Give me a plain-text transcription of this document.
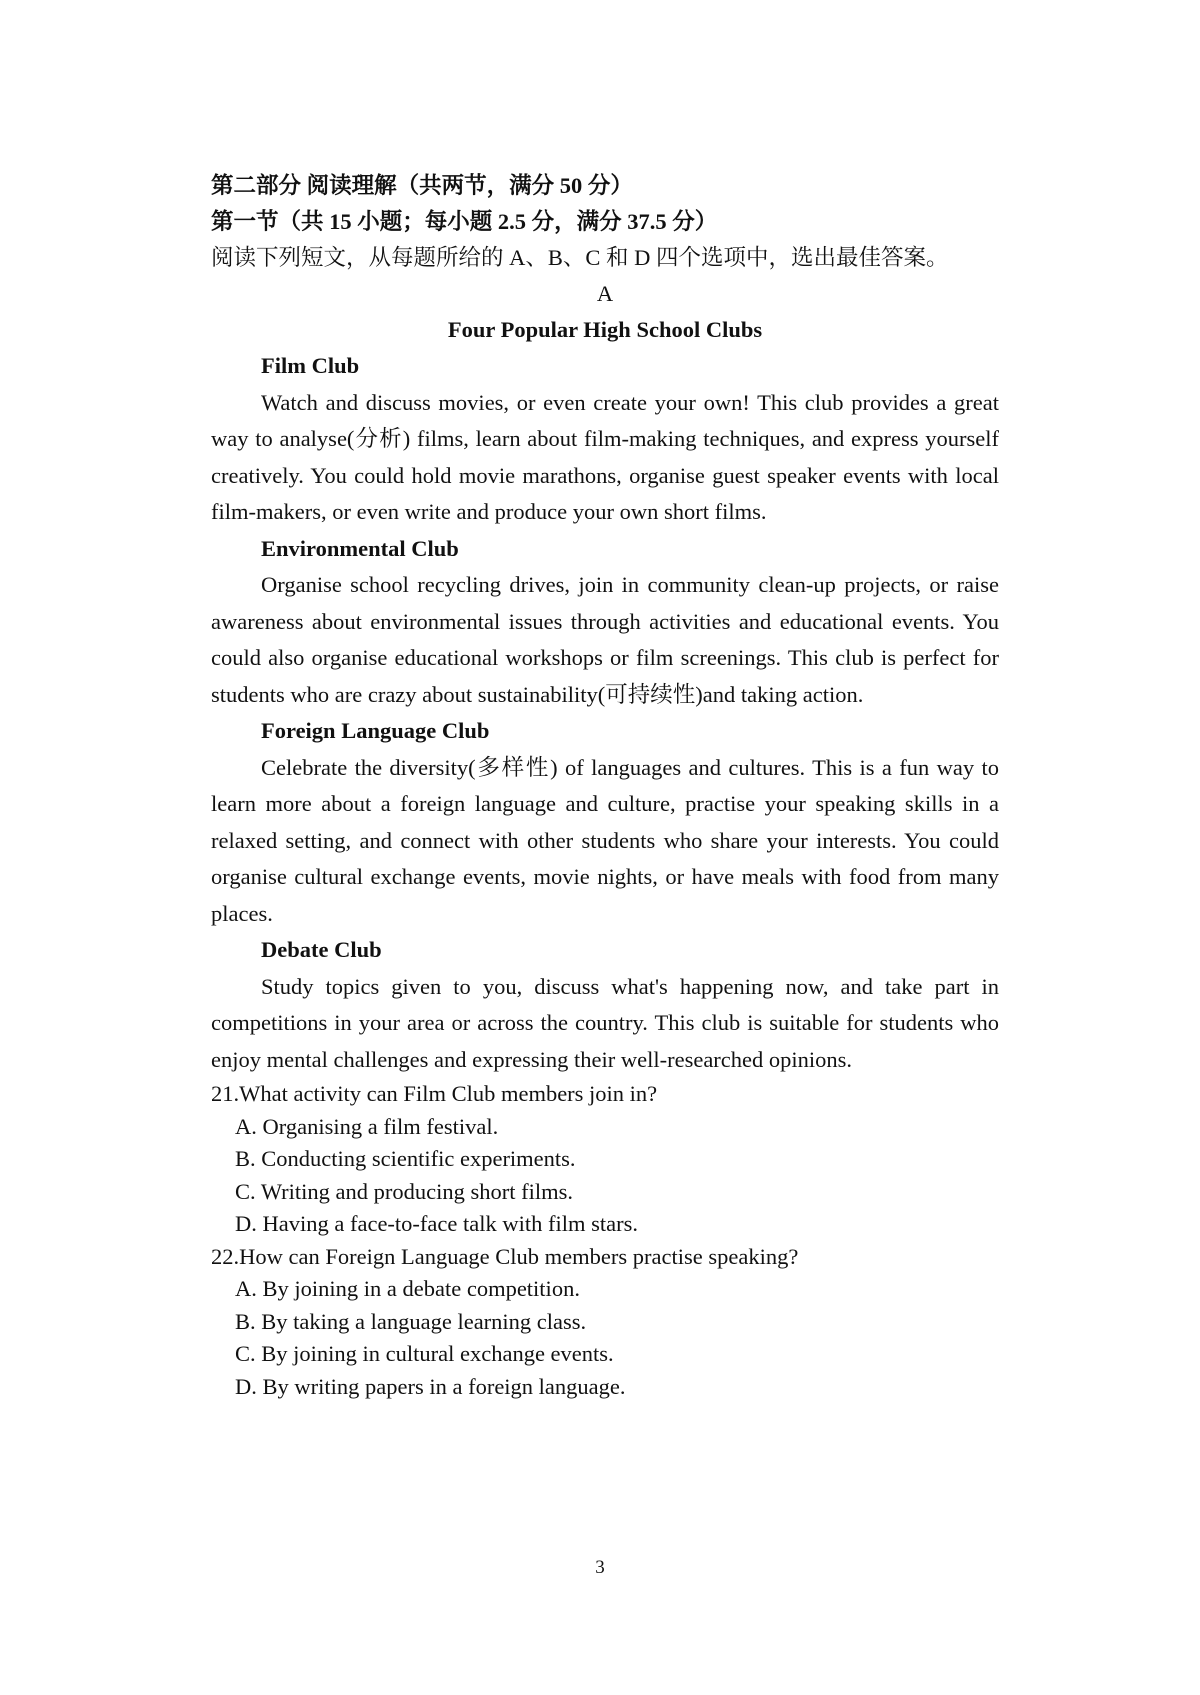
第二部分 阅读理解（共两节，满分 50 分）

第一节（共 15 小题；每小题 2.5 分，满分 37.5 分）

阅读下列短文，从每题所给的 A、B、C 和 D 四个选项中，选出最佳答案。

A

Four Popular High School Clubs

Film Club

Watch and discuss movies, or even create your own! This club provides a great way to analyse(分析) films, learn about film-making techniques, and express yourself creatively. You could hold movie marathons, organise guest speaker events with local film-makers, or even write and produce your own short films.

Environmental Club

Organise school recycling drives, join in community clean-up projects, or raise awareness about environmental issues through activities and educational events. You could also organise educational workshops or film screenings. This club is perfect for students who are crazy about sustainability(可持续性)and taking action.

Foreign Language Club

Celebrate the diversity(多样性) of languages and cultures. This is a fun way to learn more about a foreign language and culture, practise your speaking skills in a relaxed setting, and connect with other students who share your interests. You could organise cultural exchange events, movie nights, or have meals with food from many places.

Debate Club

Study topics given to you, discuss what's happening now, and take part in competitions in your area or across the country. This club is suitable for students who enjoy mental challenges and expressing their well-researched opinions.

21.What activity can Film Club members join in?

A. Organising a film festival.
B. Conducting scientific experiments.
C. Writing and producing short films.
D. Having a face-to-face talk with film stars.

22.How can Foreign Language Club members practise speaking?

A. By joining in a debate competition.
B. By taking a language learning class.
C. By joining in cultural exchange events.
D. By writing papers in a foreign language.
3
